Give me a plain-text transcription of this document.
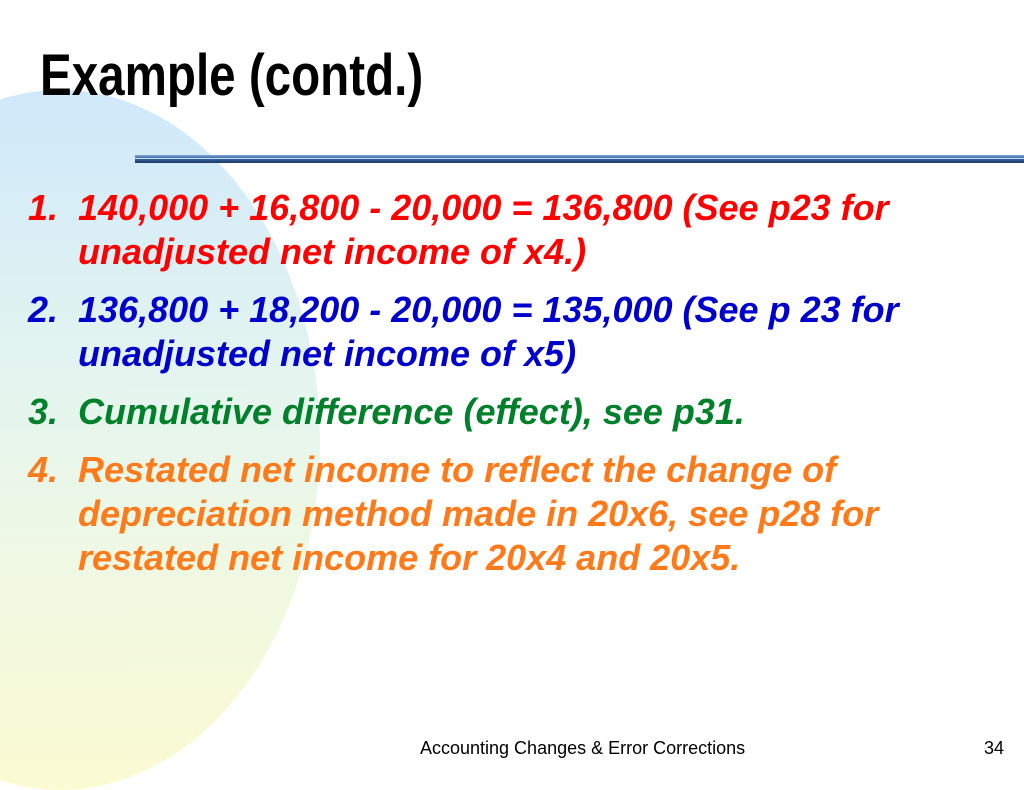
Example (contd.)
1. 140,000 + 16,800 - 20,000 = 136,800 (See p23 for unadjusted net income of x4.)
2. 136,800 + 18,200 - 20,000 = 135,000 (See p 23 for unadjusted net income of x5)
3. Cumulative difference (effect), see p31.
4. Restated net income to reflect the change of depreciation method made in 20x6, see p28 for restated net income for 20x4 and 20x5.
Accounting Changes & Error Corrections	34
